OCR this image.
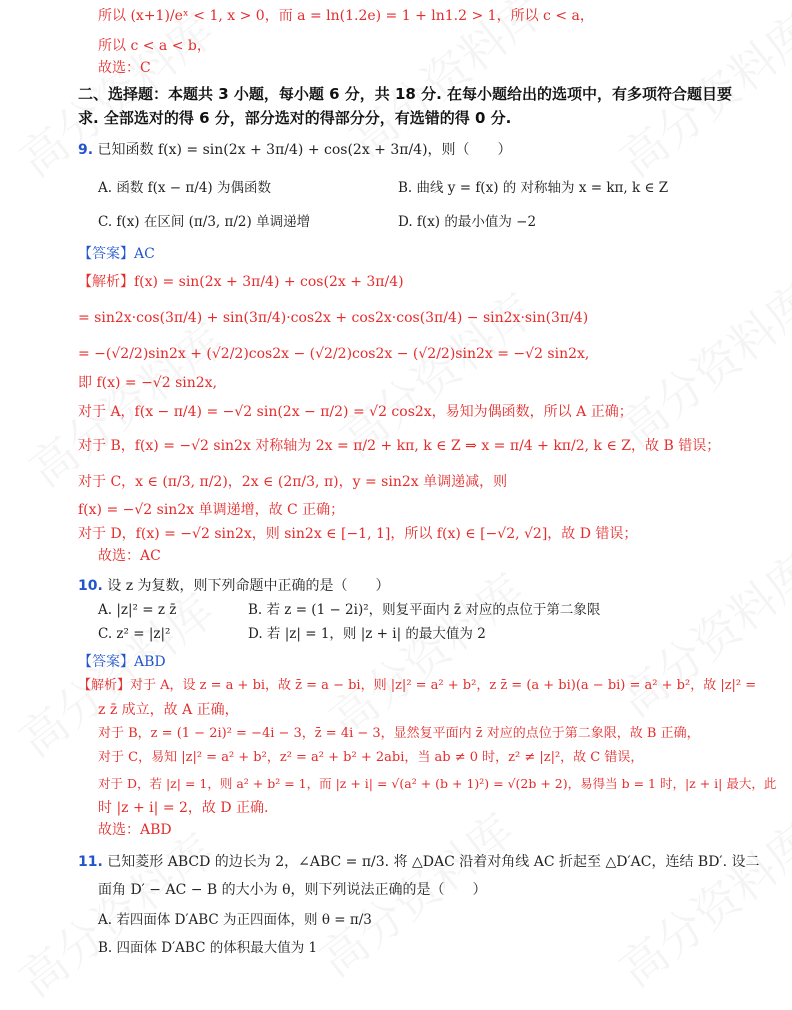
所以 (x+1)/eˣ < 1, x > 0，而 a = ln(1.2e) = 1 + ln1.2 > 1，所以 c < a，
所以 c < a < b，
故选：C
二、选择题：本题共 3 小题，每小题 6 分，共 18 分. 在每小题给出的选项中，有多项符合题目要
求. 全部选对的得 6 分，部分选对的得部分分，有选错的得 0 分.
9. 已知函数 f(x) = sin(2x + 3π/4) + cos(2x + 3π/4)，则（　　）
A. 函数 f(x − π/4) 为偶函数	B. 曲线 y = f(x) 的 对称轴为 x = kπ, k ∈ Z
C. f(x) 在区间 (π/3, π/2) 单调递增	D. f(x) 的最小值为 −2
【答案】AC
【解析】f(x) = sin(2x + 3π/4) + cos(2x + 3π/4)
= sin2x·cos(3π/4) + sin(3π/4)·cos2x + cos2x·cos(3π/4) − sin2x·sin(3π/4)
= −(√2/2)sin2x + (√2/2)cos2x − (√2/2)cos2x − (√2/2)sin2x = −√2 sin2x,
即 f(x) = −√2 sin2x,
对于 A，f(x − π/4) = −√2 sin(2x − π/2) = √2 cos2x，易知为偶函数，所以 A 正确；
对于 B，f(x) = −√2 sin2x 对称轴为 2x = π/2 + kπ, k ∈ Z ⇒ x = π/4 + kπ/2, k ∈ Z，故 B 错误；
对于 C，x ∈ (π/3, π/2)，2x ∈ (2π/3, π)，y = sin2x 单调递减，则
f(x) = −√2 sin2x 单调递增，故 C 正确；
对于 D，f(x) = −√2 sin2x，则 sin2x ∈ [−1, 1]，所以 f(x) ∈ [−√2, √2]，故 D 错误；
故选：AC
10. 设 z 为复数，则下列命题中正确的是（　　）
A. |z|² = z z̄	B. 若 z = (1 − 2i)²，则复平面内 z̄ 对应的点位于第二象限
C. z² = |z|²	D. 若 |z| = 1，则 |z + i| 的最大值为 2
【答案】ABD
【解析】对于 A，设 z = a + bi，故 z̄ = a − bi，则 |z|² = a² + b²，z z̄ = (a + bi)(a − bi) = a² + b²，故 |z|² =
z z̄ 成立，故 A 正确，
对于 B，z = (1 − 2i)² = −4i − 3，z̄ = 4i − 3，显然复平面内 z̄ 对应的点位于第二象限，故 B 正确，
对于 C，易知 |z|² = a² + b²，z² = a² + b² + 2abi，当 ab ≠ 0 时，z² ≠ |z|²，故 C 错误，
对于 D，若 |z| = 1，则 a² + b² = 1，而 |z + i| = √(a² + (b + 1)²) = √(2b + 2)，易得当 b = 1 时，|z + i| 最大，此
时 |z + i| = 2，故 D 正确.
故选：ABD
11. 已知菱形 ABCD 的边长为 2，∠ABC = π/3. 将 △DAC 沿着对角线 AC 折起至 △D′AC，连结 BD′. 设二
面角 D′ − AC − B 的大小为 θ，则下列说法正确的是（　　）
A. 若四面体 D′ABC 为正四面体，则 θ = π/3
B. 四面体 D′ABC 的体积最大值为 1
